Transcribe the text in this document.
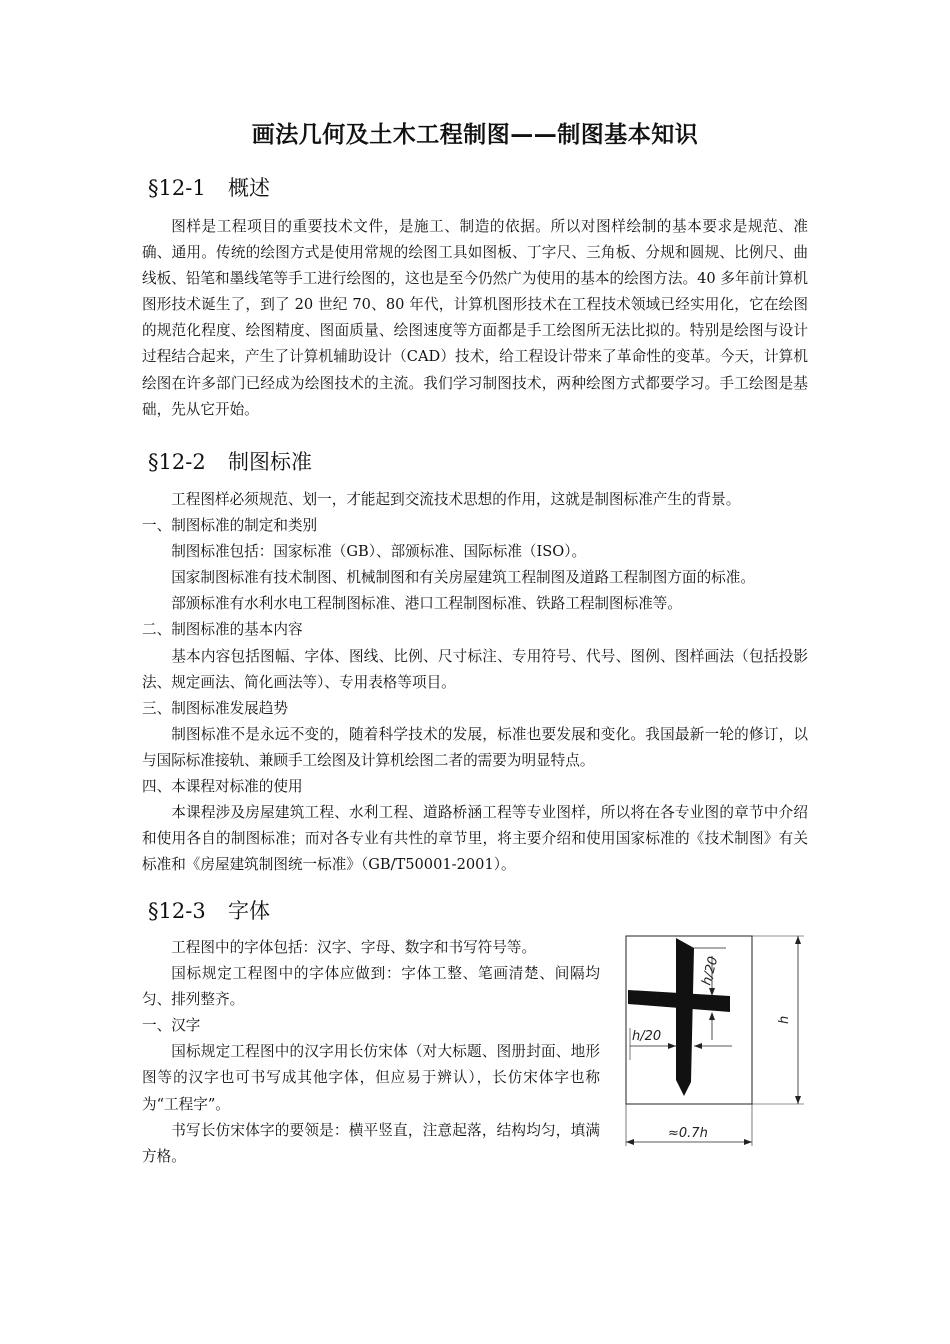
画法几何及土木工程制图——制图基本知识
§12-1 概述

图样是工程项目的重要技术文件，是施工、制造的依据。所以对图样绘制的基本要求是规范、准确、通用。传统的绘图方式是使用常规的绘图工具如图板、丁字尺、三角板、分规和圆规、比例尺、曲线板、铅笔和墨线笔等手工进行绘图的，这也是至今仍然广为使用的基本的绘图方法。40 多年前计算机图形技术诞生了，到了 20 世纪 70、80 年代，计算机图形技术在工程技术领域已经实用化，它在绘图的规范化程度、绘图精度、图面质量、绘图速度等方面都是手工绘图所无法比拟的。特别是绘图与设计过程结合起来，产生了计算机辅助设计（CAD）技术，给工程设计带来了革命性的变革。今天，计算机绘图在许多部门已经成为绘图技术的主流。我们学习制图技术，两种绘图方式都要学习。手工绘图是基础，先从它开始。

§12-2 制图标准

工程图样必须规范、划一，才能起到交流技术思想的作用，这就是制图标准产生的背景。

一、制图标准的制定和类别

制图标准包括：国家标准（GB）、部颁标准、国际标准（ISO）。

国家制图标准有技术制图、机械制图和有关房屋建筑工程制图及道路工程制图方面的标准。

部颁标准有水利水电工程制图标准、港口工程制图标准、铁路工程制图标准等。

二、制图标准的基本内容

基本内容包括图幅、字体、图线、比例、尺寸标注、专用符号、代号、图例、图样画法（包括投影法、规定画法、简化画法等）、专用表格等项目。

三、制图标准发展趋势

制图标准不是永远不变的，随着科学技术的发展，标准也要发展和变化。我国最新一轮的修订，以与国际标准接轨、兼顾手工绘图及计算机绘图二者的需要为明显特点。

四、本课程对标准的使用

本课程涉及房屋建筑工程、水利工程、道路桥涵工程等专业图样，所以将在各专业图的章节中介绍和使用各自的制图标准；而对各专业有共性的章节里，将主要介绍和使用国家标准的《技术制图》有关标准和《房屋建筑制图统一标准》（GB/T50001-2001）。

§12-3 字体

工程图中的字体包括：汉字、字母、数字和书写符号等。

国标规定工程图中的字体应做到：字体工整、笔画清楚、间隔均匀、排列整齐。

一、汉字

国标规定工程图中的汉字用长仿宋体（对大标题、图册封面、地形图等的汉字也可书写成其他字体，但应易于辨认），长仿宋体字也称为“工程字”。

书写长仿宋体字的要领是：横平竖直，注意起落，结构均匀，填满方格。

h/20
h/20
h
≈0.7h
